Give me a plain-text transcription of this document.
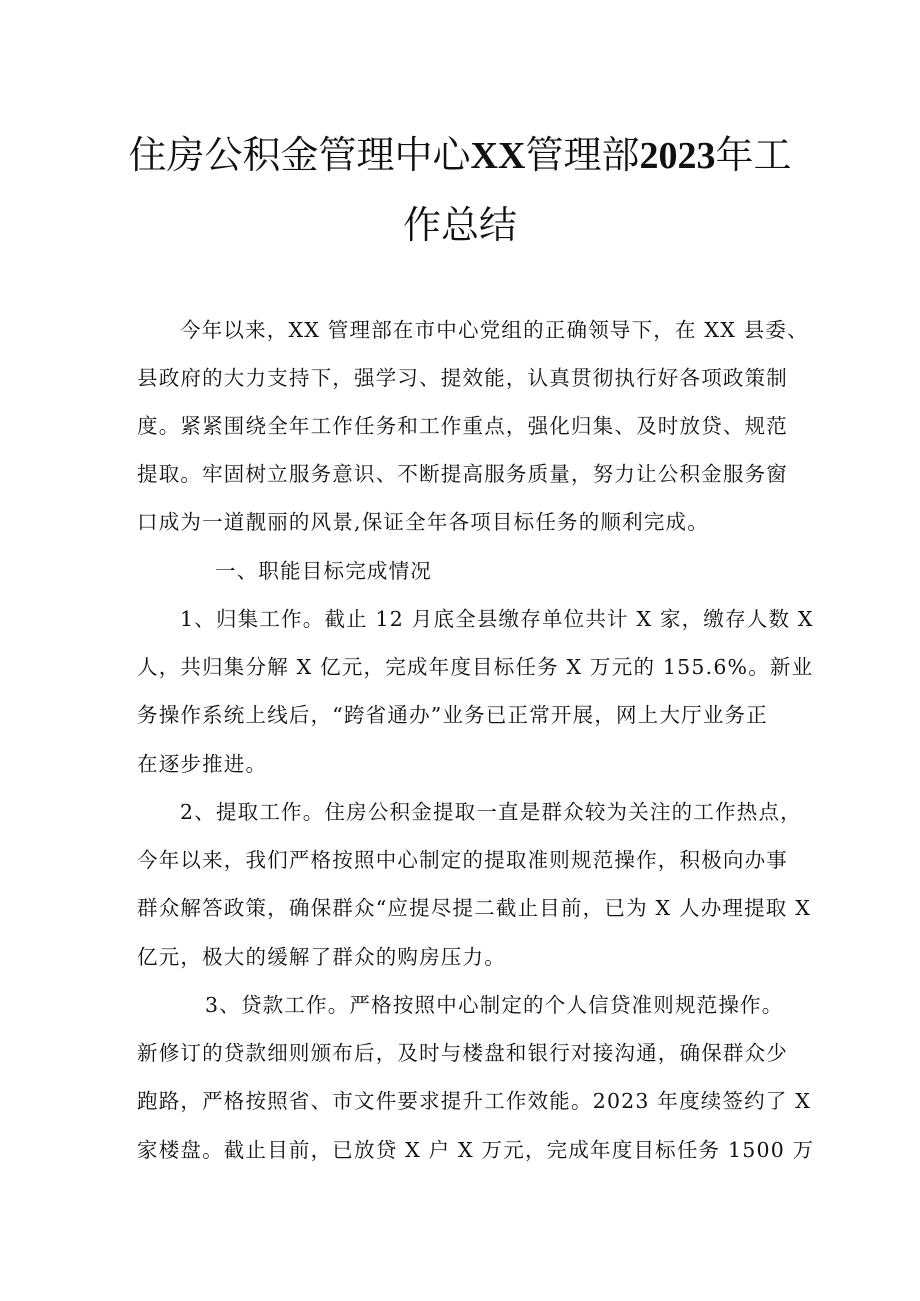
住房公积金管理中心XX管理部2023年工
作总结
今年以来，XX 管理部在市中心党组的正确领导下，在 XX 县委、
县政府的大力支持下，强学习、提效能，认真贯彻执行好各项政策制
度。紧紧围绕全年工作任务和工作重点，强化归集、及时放贷、规范
提取。牢固树立服务意识、不断提高服务质量，努力让公积金服务窗
口成为一道靓丽的风景,保证全年各项目标任务的顺利完成。
一、职能目标完成情况
1、归集工作。截止 12 月底全县缴存单位共计 X 家，缴存人数 X
人，共归集分解 X 亿元，完成年度目标任务 X 万元的 155.6%。新业
务操作系统上线后，“跨省通办”业务已正常开展，网上大厅业务正
在逐步推进。
2、提取工作。住房公积金提取一直是群众较为关注的工作热点，
今年以来，我们严格按照中心制定的提取准则规范操作，积极向办事
群众解答政策，确保群众“应提尽提二截止目前，已为 X 人办理提取 X
亿元，极大的缓解了群众的购房压力。
3、贷款工作。严格按照中心制定的个人信贷准则规范操作。
新修订的贷款细则颁布后，及时与楼盘和银行对接沟通，确保群众少
跑路，严格按照省、市文件要求提升工作效能。2023 年度续签约了 X
家楼盘。截止目前，已放贷 X 户 X 万元，完成年度目标任务 1500 万
